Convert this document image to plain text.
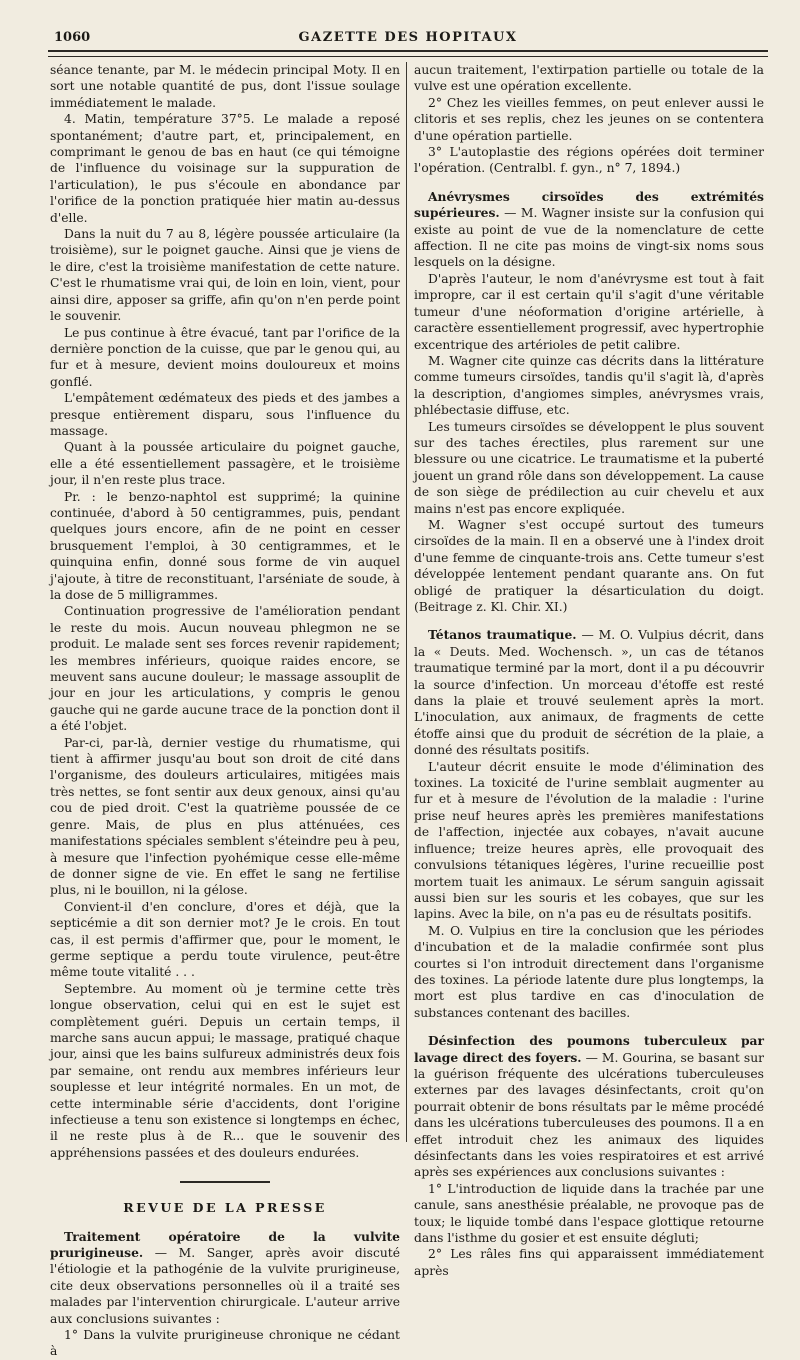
1060	GAZETTE DES HOPITAUX

séance tenante, par M. le médecin principal Moty. Il en sort une notable quantité de pus, dont l'issue soulage immédiatement le malade.

4. Matin, température 37°5. Le malade a reposé spontanément; d'autre part, et, principalement, en comprimant le genou de bas en haut (ce qui témoigne de l'influence du voisinage sur la suppuration de l'articulation), le pus s'écoule en abondance par l'orifice de la ponction pratiquée hier matin au-dessus d'elle.

Dans la nuit du 7 au 8, légère poussée articulaire (la troisième), sur le poignet gauche. Ainsi que je viens de le dire, c'est la troisième manifestation de cette nature. C'est le rhumatisme vrai qui, de loin en loin, vient, pour ainsi dire, apposer sa griffe, afin qu'on n'en perde point le souvenir.

Le pus continue à être évacué, tant par l'orifice de la dernière ponction de la cuisse, que par le genou qui, au fur et à mesure, devient moins douloureux et moins gonflé.

L'empâtement œdémateux des pieds et des jambes a presque entièrement disparu, sous l'influence du massage.

Quant à la poussée articulaire du poignet gauche, elle a été essentiellement passagère, et le troisième jour, il n'en reste plus trace.

Pr. : le benzo-naphtol est supprimé; la quinine continuée, d'abord à 50 centigrammes, puis, pendant quelques jours encore, afin de ne point en cesser brusquement l'emploi, à 30 centigrammes, et le quinquina enfin, donné sous forme de vin auquel j'ajoute, à titre de reconstituant, l'arséniate de soude, à la dose de 5 milligrammes.

Continuation progressive de l'amélioration pendant le reste du mois. Aucun nouveau phlegmon ne se produit. Le malade sent ses forces revenir rapidement; les membres inférieurs, quoique raides encore, se meuvent sans aucune douleur; le massage assouplit de jour en jour les articulations, y compris le genou gauche qui ne garde aucune trace de la ponction dont il a été l'objet.

Par-ci, par-là, dernier vestige du rhumatisme, qui tient à affirmer jusqu'au bout son droit de cité dans l'organisme, des douleurs articulaires, mitigées mais très nettes, se font sentir aux deux genoux, ainsi qu'au cou de pied droit. C'est la quatrième poussée de ce genre. Mais, de plus en plus atténuées, ces manifestations spéciales semblent s'éteindre peu à peu, à mesure que l'infection pyohémique cesse elle-même de donner signe de vie. En effet le sang ne fertilise plus, ni le bouillon, ni la gélose.

Convient-il d'en conclure, d'ores et déjà, que la septicémie a dit son dernier mot? Je le crois. En tout cas, il est permis d'affirmer que, pour le moment, le germe septique a perdu toute virulence, peut-être même toute vitalité . . .

Septembre. Au moment où je termine cette très longue observation, celui qui en est le sujet est complètement guéri. Depuis un certain temps, il marche sans aucun appui; le massage, pratiqué chaque jour, ainsi que les bains sulfureux administrés deux fois par semaine, ont rendu aux membres inférieurs leur souplesse et leur intégrité normales. En un mot, de cette interminable série d'accidents, dont l'origine infectieuse a tenu son existence si longtemps en échec, il ne reste plus à de R... que le souvenir des appréhensions passées et des douleurs endurées.

REVUE DE LA PRESSE

Traitement opératoire de la vulvite prurigineuse. — M. Sanger, après avoir discuté l'étiologie et la pathogénie de la vulvite prurigineuse, cite deux observations personnelles où il a traité ses malades par l'intervention chirurgicale. L'auteur arrive aux conclusions suivantes :

1° Dans la vulvite prurigineuse chronique ne cédant à

aucun traitement, l'extirpation partielle ou totale de la vulve est une opération excellente.

2° Chez les vieilles femmes, on peut enlever aussi le clitoris et ses replis, chez les jeunes on se contentera d'une opération partielle.

3° L'autoplastie des régions opérées doit terminer l'opération. (Centralbl. f. gyn., n° 7, 1894.)

Anévrysmes cirsoïdes des extrémités supérieures. — M. Wagner insiste sur la confusion qui existe au point de vue de la nomenclature de cette affection. Il ne cite pas moins de vingt-six noms sous lesquels on la désigne.

D'après l'auteur, le nom d'anévrysme est tout à fait impropre, car il est certain qu'il s'agit d'une véritable tumeur d'une néoformation d'origine artérielle, à caractère essentiellement progressif, avec hypertrophie excentrique des artérioles de petit calibre.

M. Wagner cite quinze cas décrits dans la littérature comme tumeurs cirsoïdes, tandis qu'il s'agit là, d'après la description, d'angiomes simples, anévrysmes vrais, phlébectasie diffuse, etc.

Les tumeurs cirsoïdes se développent le plus souvent sur des taches érectiles, plus rarement sur une blessure ou une cicatrice. Le traumatisme et la puberté jouent un grand rôle dans son développement. La cause de son siège de prédilection au cuir chevelu et aux mains n'est pas encore expliquée.

M. Wagner s'est occupé surtout des tumeurs cirsoïdes de la main. Il en a observé une à l'index droit d'une femme de cinquante-trois ans. Cette tumeur s'est développée lentement pendant quarante ans. On fut obligé de pratiquer la désarticulation du doigt. (Beitrage z. Kl. Chir. XI.)

Tétanos traumatique. — M. O. Vulpius décrit, dans la « Deuts. Med. Wochensch. », un cas de tétanos traumatique terminé par la mort, dont il a pu découvrir la source d'infection. Un morceau d'étoffe est resté dans la plaie et trouvé seulement après la mort. L'inoculation, aux animaux, de fragments de cette étoffe ainsi que du produit de sécrétion de la plaie, a donné des résultats positifs.

L'auteur décrit ensuite le mode d'élimination des toxines. La toxicité de l'urine semblait augmenter au fur et à mesure de l'évolution de la maladie : l'urine prise neuf heures après les premières manifestations de l'affection, injectée aux cobayes, n'avait aucune influence; treize heures après, elle provoquait des convulsions tétaniques légères, l'urine recueillie post mortem tuait les animaux. Le sérum sanguin agissait aussi bien sur les souris et les cobayes, que sur les lapins. Avec la bile, on n'a pas eu de résultats positifs.

M. O. Vulpius en tire la conclusion que les périodes d'incubation et de la maladie confirmée sont plus courtes si l'on introduit directement dans l'organisme des toxines. La période latente dure plus longtemps, la mort est plus tardive en cas d'inoculation de substances contenant des bacilles.

Désinfection des poumons tuberculeux par lavage direct des foyers. — M. Gourina, se basant sur la guérison fréquente des ulcérations tuberculeuses externes par des lavages désinfectants, croit qu'on pourrait obtenir de bons résultats par le même procédé dans les ulcérations tuberculeuses des poumons. Il a en effet introduit chez les animaux des liquides désinfectants dans les voies respiratoires et est arrivé après ses expériences aux conclusions suivantes :

1° L'introduction de liquide dans la trachée par une canule, sans anesthésie préalable, ne provoque pas de toux; le liquide tombé dans l'espace glottique retourne dans l'isthme du gosier et est ensuite dégluti;

2° Les râles fins qui apparaissent immédiatement après
